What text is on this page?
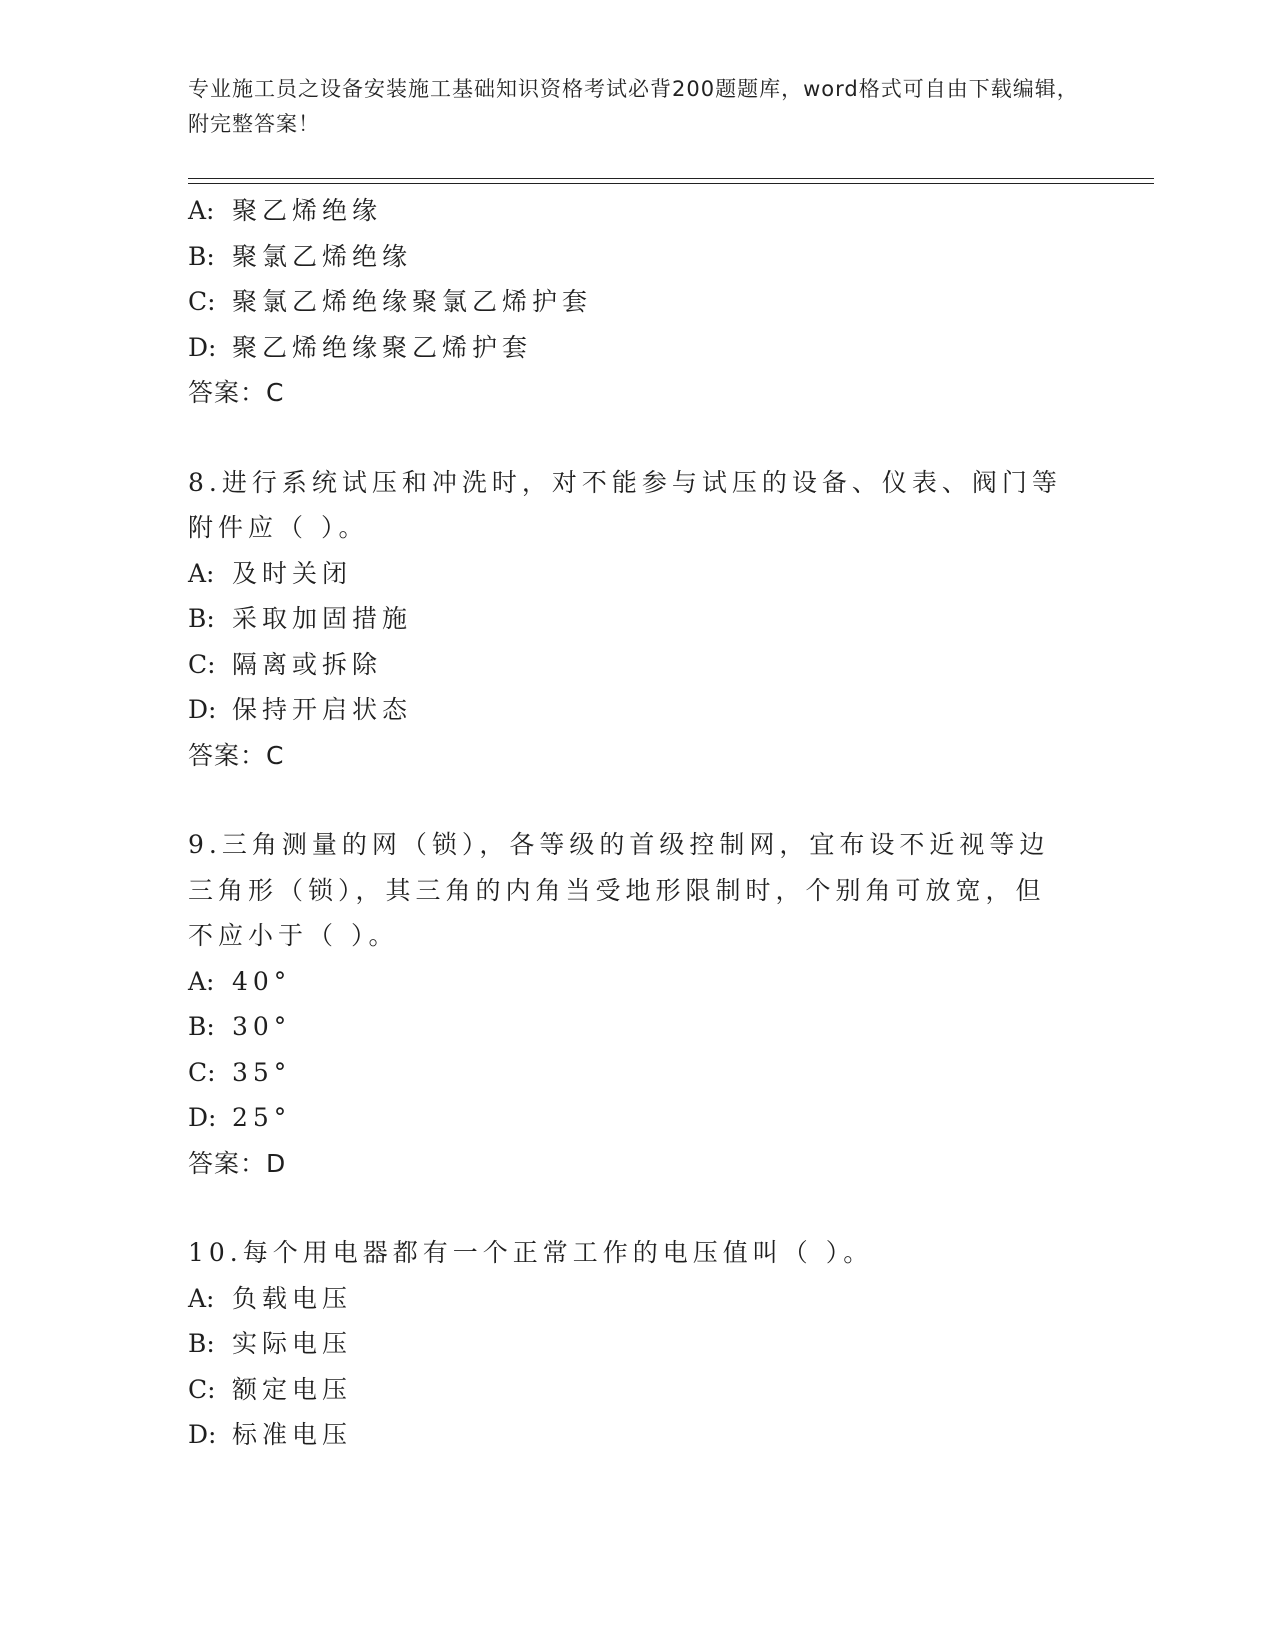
专业施工员之设备安装施工基础知识资格考试必背200题题库，word格式可自由下载编辑，附完整答案！
A: 聚乙烯绝缘
B: 聚氯乙烯绝缘
C: 聚氯乙烯绝缘聚氯乙烯护套
D: 聚乙烯绝缘聚乙烯护套
答案：C
8.进行系统试压和冲洗时，对不能参与试压的设备、仪表、阀门等附件应（ ）。
A: 及时关闭
B: 采取加固措施
C: 隔离或拆除
D: 保持开启状态
答案：C
9.三角测量的网（锁），各等级的首级控制网，宜布设不近视等边三角形（锁），其三角的内角当受地形限制时，个别角可放宽，但不应小于（ ）。
A: 40°
B: 30°
C: 35°
D: 25°
答案：D
10.每个用电器都有一个正常工作的电压值叫（ ）。
A: 负载电压
B: 实际电压
C: 额定电压
D: 标准电压
